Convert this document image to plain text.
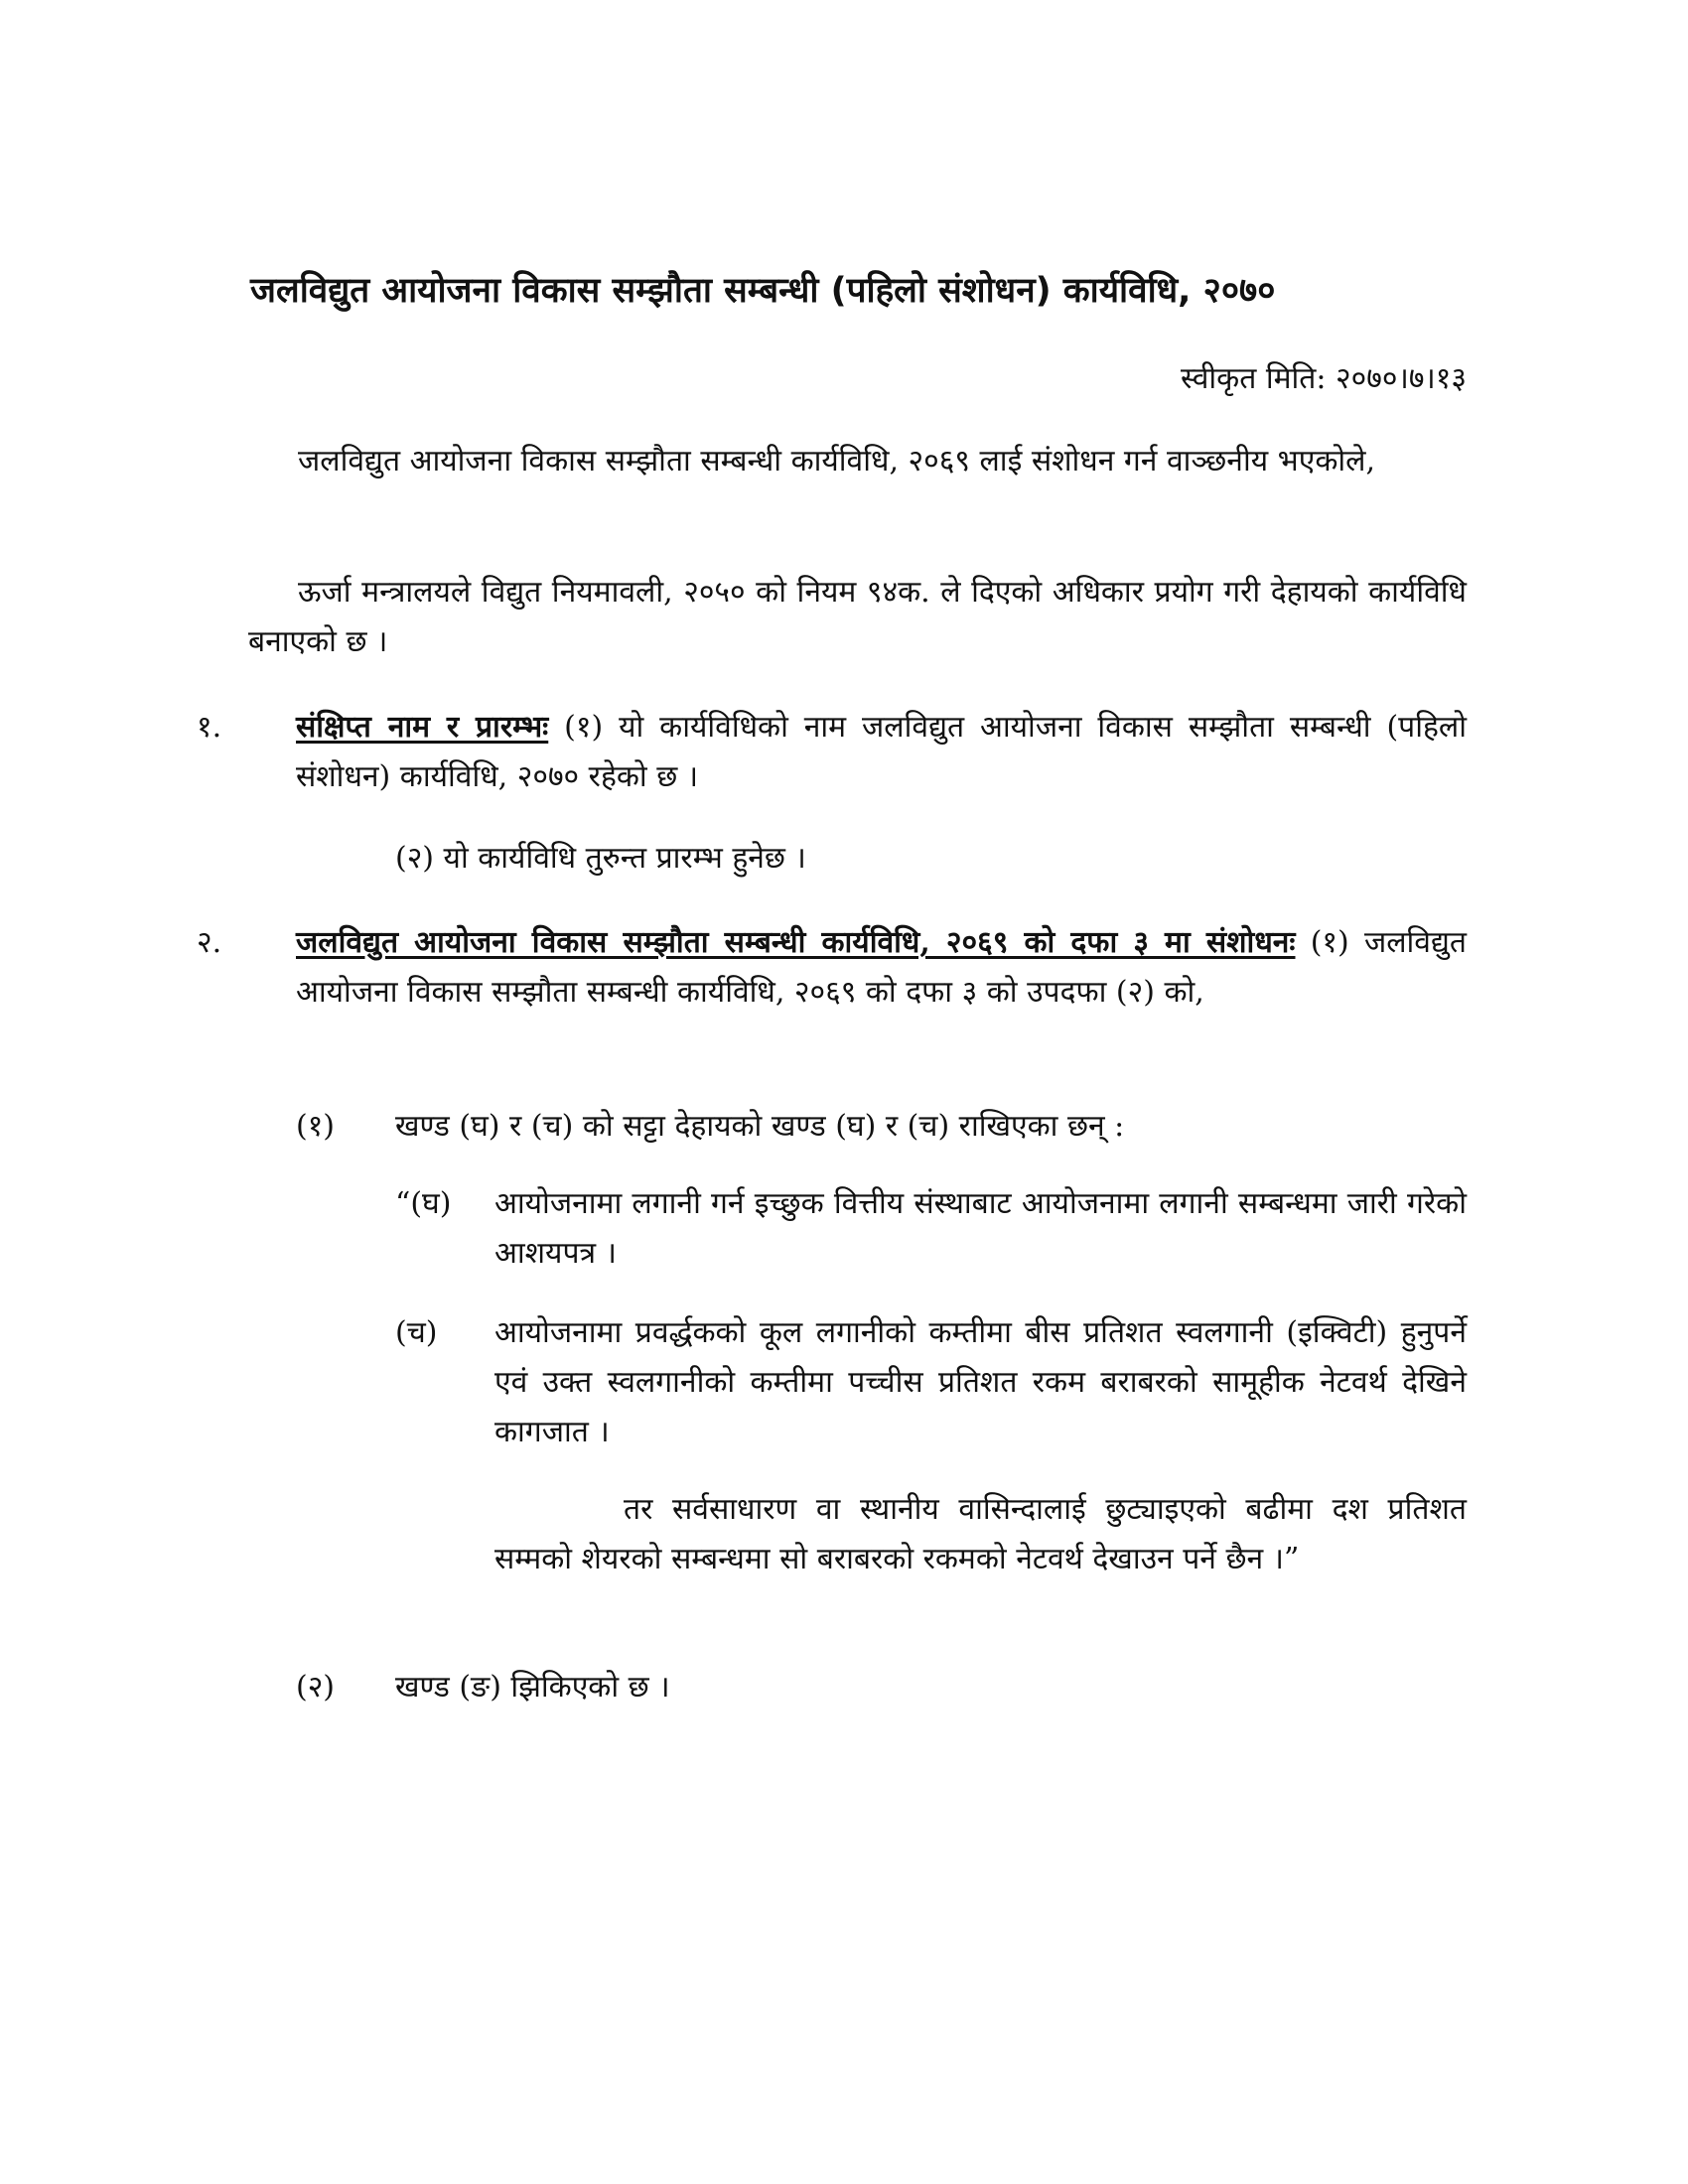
जलविद्युत आयोजना विकास सम्झौता सम्बन्धी (पहिलो संशोधन) कार्यविधि, २०७०
स्वीकृत मिति: २०७०।७।१३
जलविद्युत आयोजना विकास सम्झौता सम्बन्धी कार्यविधि, २०६९ लाई संशोधन गर्न वाञ्छनीय भएकोले,
ऊर्जा मन्त्रालयले विद्युत नियमावली, २०५० को नियम ९४क. ले दिएको अधिकार प्रयोग गरी देहायको कार्यविधि बनाएको छ ।
१. संक्षिप्त नाम र प्रारम्भः (१) यो कार्यविधिको नाम जलविद्युत आयोजना विकास सम्झौता सम्बन्धी (पहिलो संशोधन) कार्यविधि, २०७० रहेको छ ।
(२) यो कार्यविधि तुरुन्त प्रारम्भ हुनेछ ।
२. जलविद्युत आयोजना विकास सम्झौता सम्बन्धी कार्यविधि, २०६९ को दफा ३ मा संशोधनः (१) जलविद्युत आयोजना विकास सम्झौता सम्बन्धी कार्यविधि, २०६९ को दफा ३ को उपदफा (२) को,
(१) खण्ड (घ) र (च) को सट्टा देहायको खण्ड (घ) र (च) राखिएका छन् :
“(घ) आयोजनामा लगानी गर्न इच्छुक वित्तीय संस्थाबाट आयोजनामा लगानी सम्बन्धमा जारी गरेको आशयपत्र ।
(च) आयोजनामा प्रवर्द्धकको कूल लगानीको कम्तीमा बीस प्रतिशत स्वलगानी (इक्विटी) हुनुपर्ने एवं उक्त स्वलगानीको कम्तीमा पच्चीस प्रतिशत रकम बराबरको सामूहीक नेटवर्थ देखिने कागजात ।
तर सर्वसाधारण वा स्थानीय वासिन्दालाई छुट्याइएको बढीमा दश प्रतिशत सम्मको शेयरको सम्बन्धमा सो बराबरको रकमको नेटवर्थ देखाउन पर्ने छैन ।”
(२) खण्ड (ङ) झिकिएको छ ।
